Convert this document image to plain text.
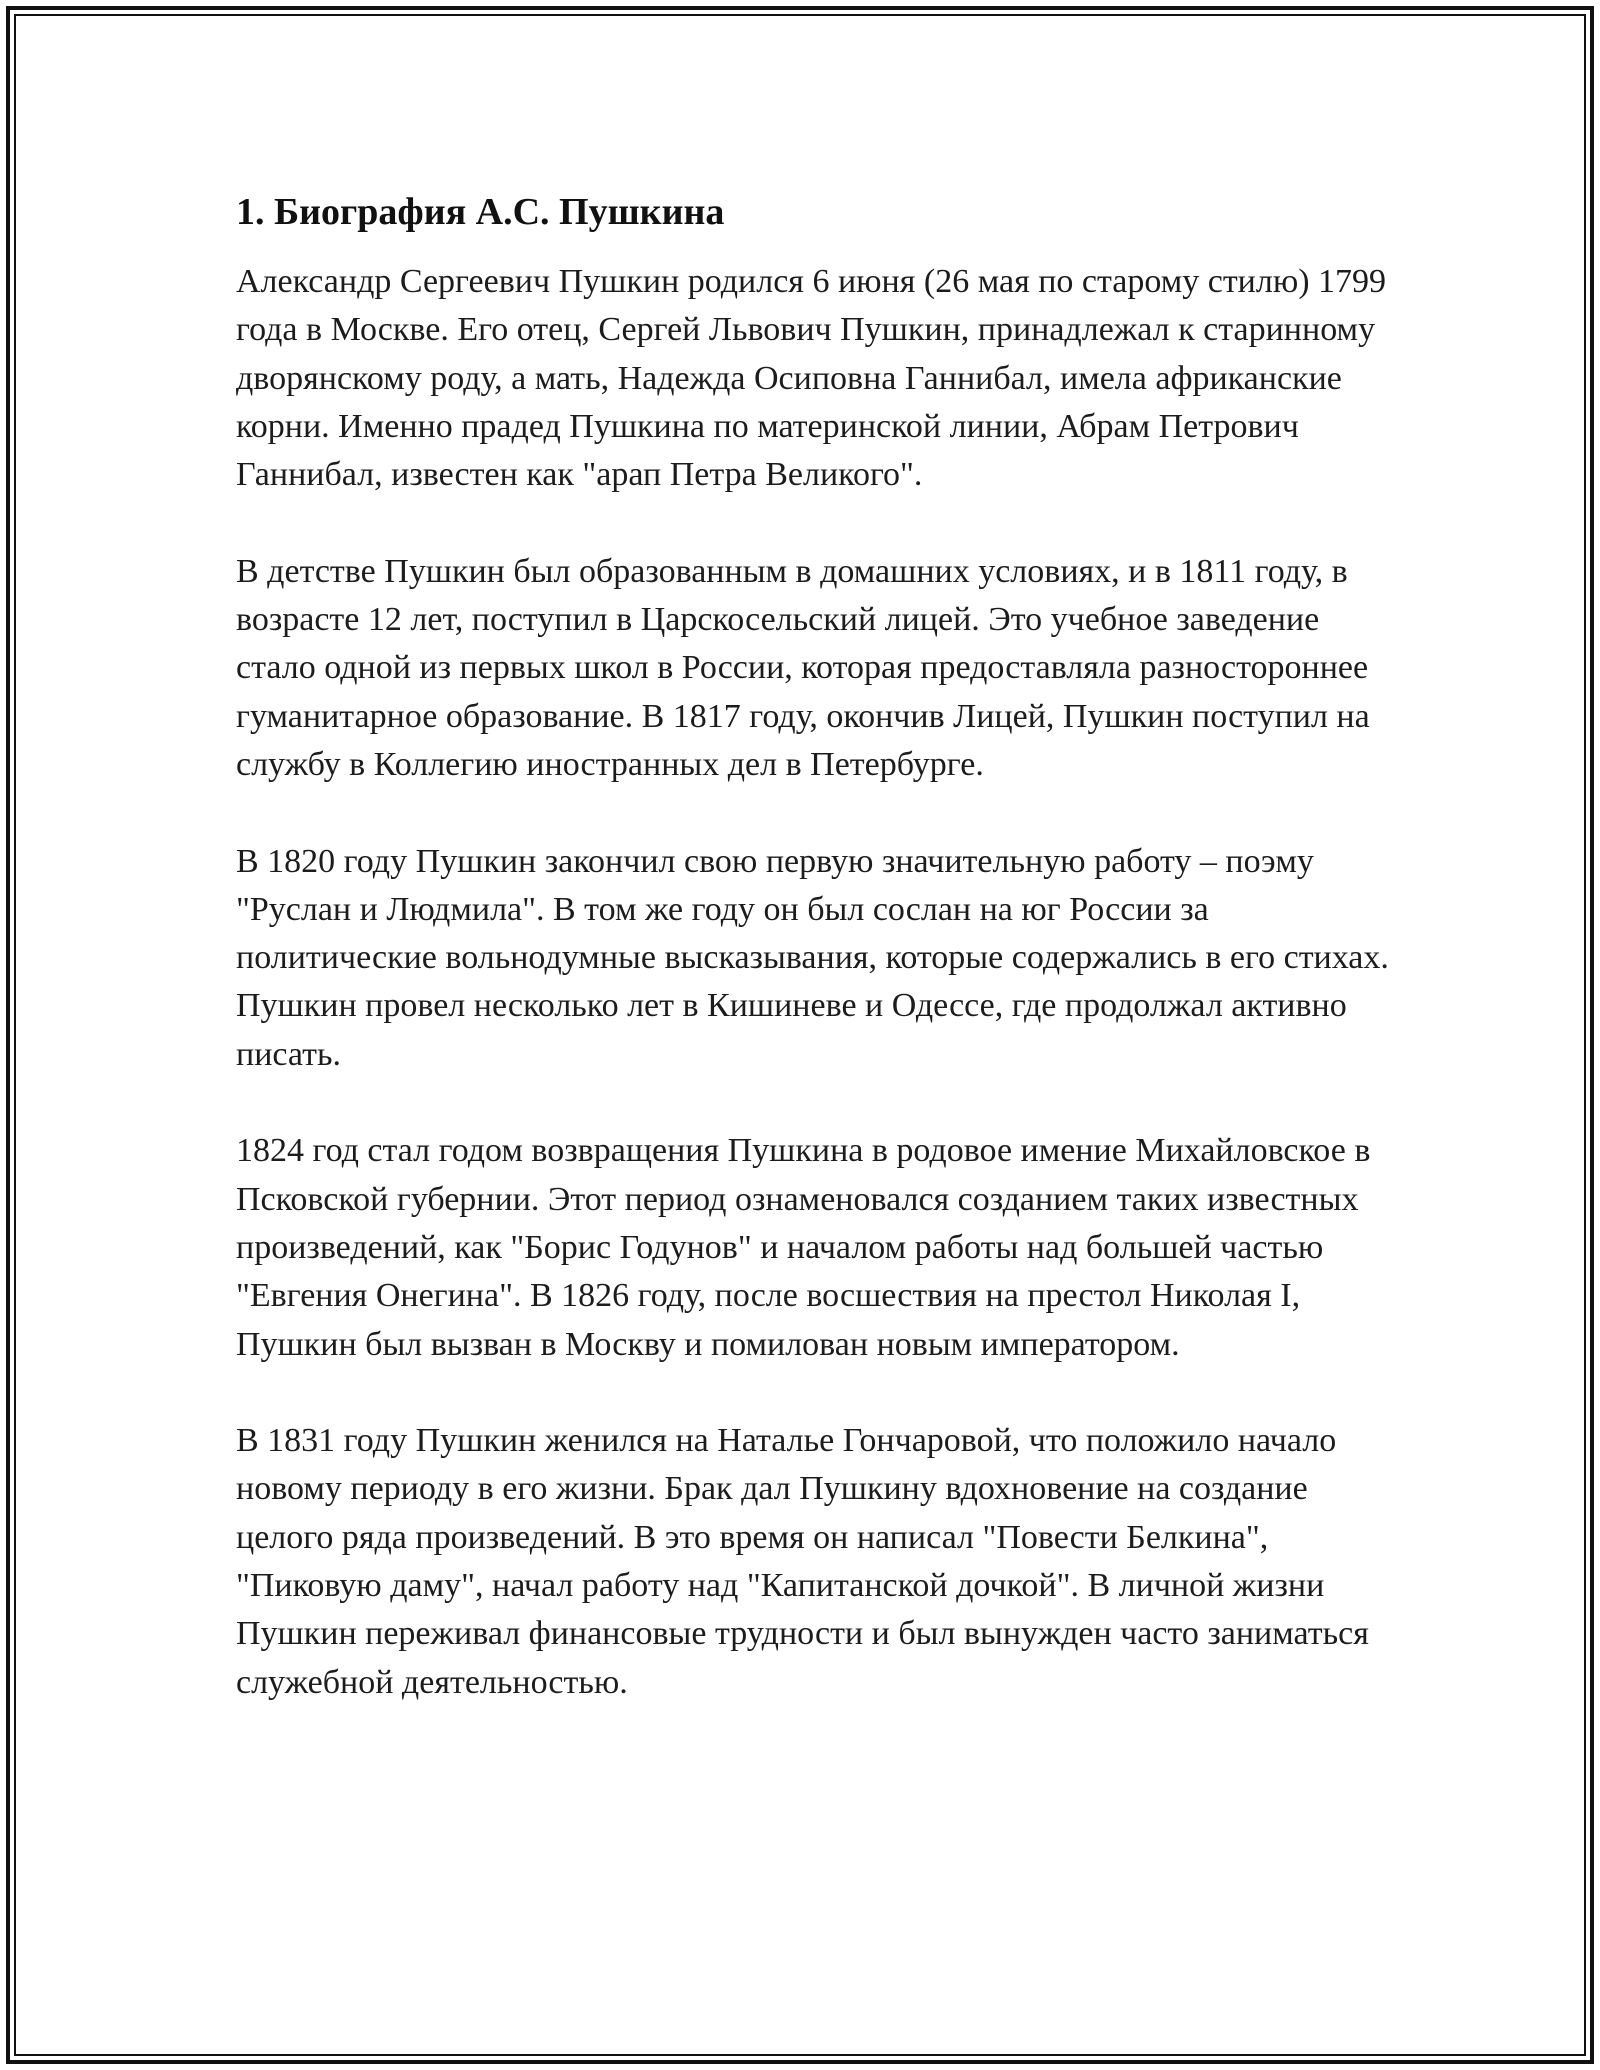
1. Биография А.С. Пушкина

Александр Сергеевич Пушкин родился 6 июня (26 мая по старому стилю) 1799 года в Москве. Его отец, Сергей Львович Пушкин, принадлежал к старинному дворянскому роду, а мать, Надежда Осиповна Ганнибал, имела африканские корни. Именно прадед Пушкина по материнской линии, Абрам Петрович Ганнибал, известен как "арап Петра Великого".

В детстве Пушкин был образованным в домашних условиях, и в 1811 году, в возрасте 12 лет, поступил в Царскосельский лицей. Это учебное заведение стало одной из первых школ в России, которая предоставляла разностороннее гуманитарное образование. В 1817 году, окончив Лицей, Пушкин поступил на службу в Коллегию иностранных дел в Петербурге.

В 1820 году Пушкин закончил свою первую значительную работу – поэму "Руслан и Людмила". В том же году он был сослан на юг России за политические вольнодумные высказывания, которые содержались в его стихах. Пушкин провел несколько лет в Кишиневе и Одессе, где продолжал активно писать.

1824 год стал годом возвращения Пушкина в родовое имение Михайловское в Псковской губернии. Этот период ознаменовался созданием таких известных произведений, как "Борис Годунов" и началом работы над большей частью "Евгения Онегина". В 1826 году, после восшествия на престол Николая I, Пушкин был вызван в Москву и помилован новым императором.

В 1831 году Пушкин женился на Наталье Гончаровой, что положило начало новому периоду в его жизни. Брак дал Пушкину вдохновение на создание целого ряда произведений. В это время он написал "Повести Белкина", "Пиковую даму", начал работу над "Капитанской дочкой". В личной жизни Пушкин переживал финансовые трудности и был вынужден часто заниматься служебной деятельностью.
